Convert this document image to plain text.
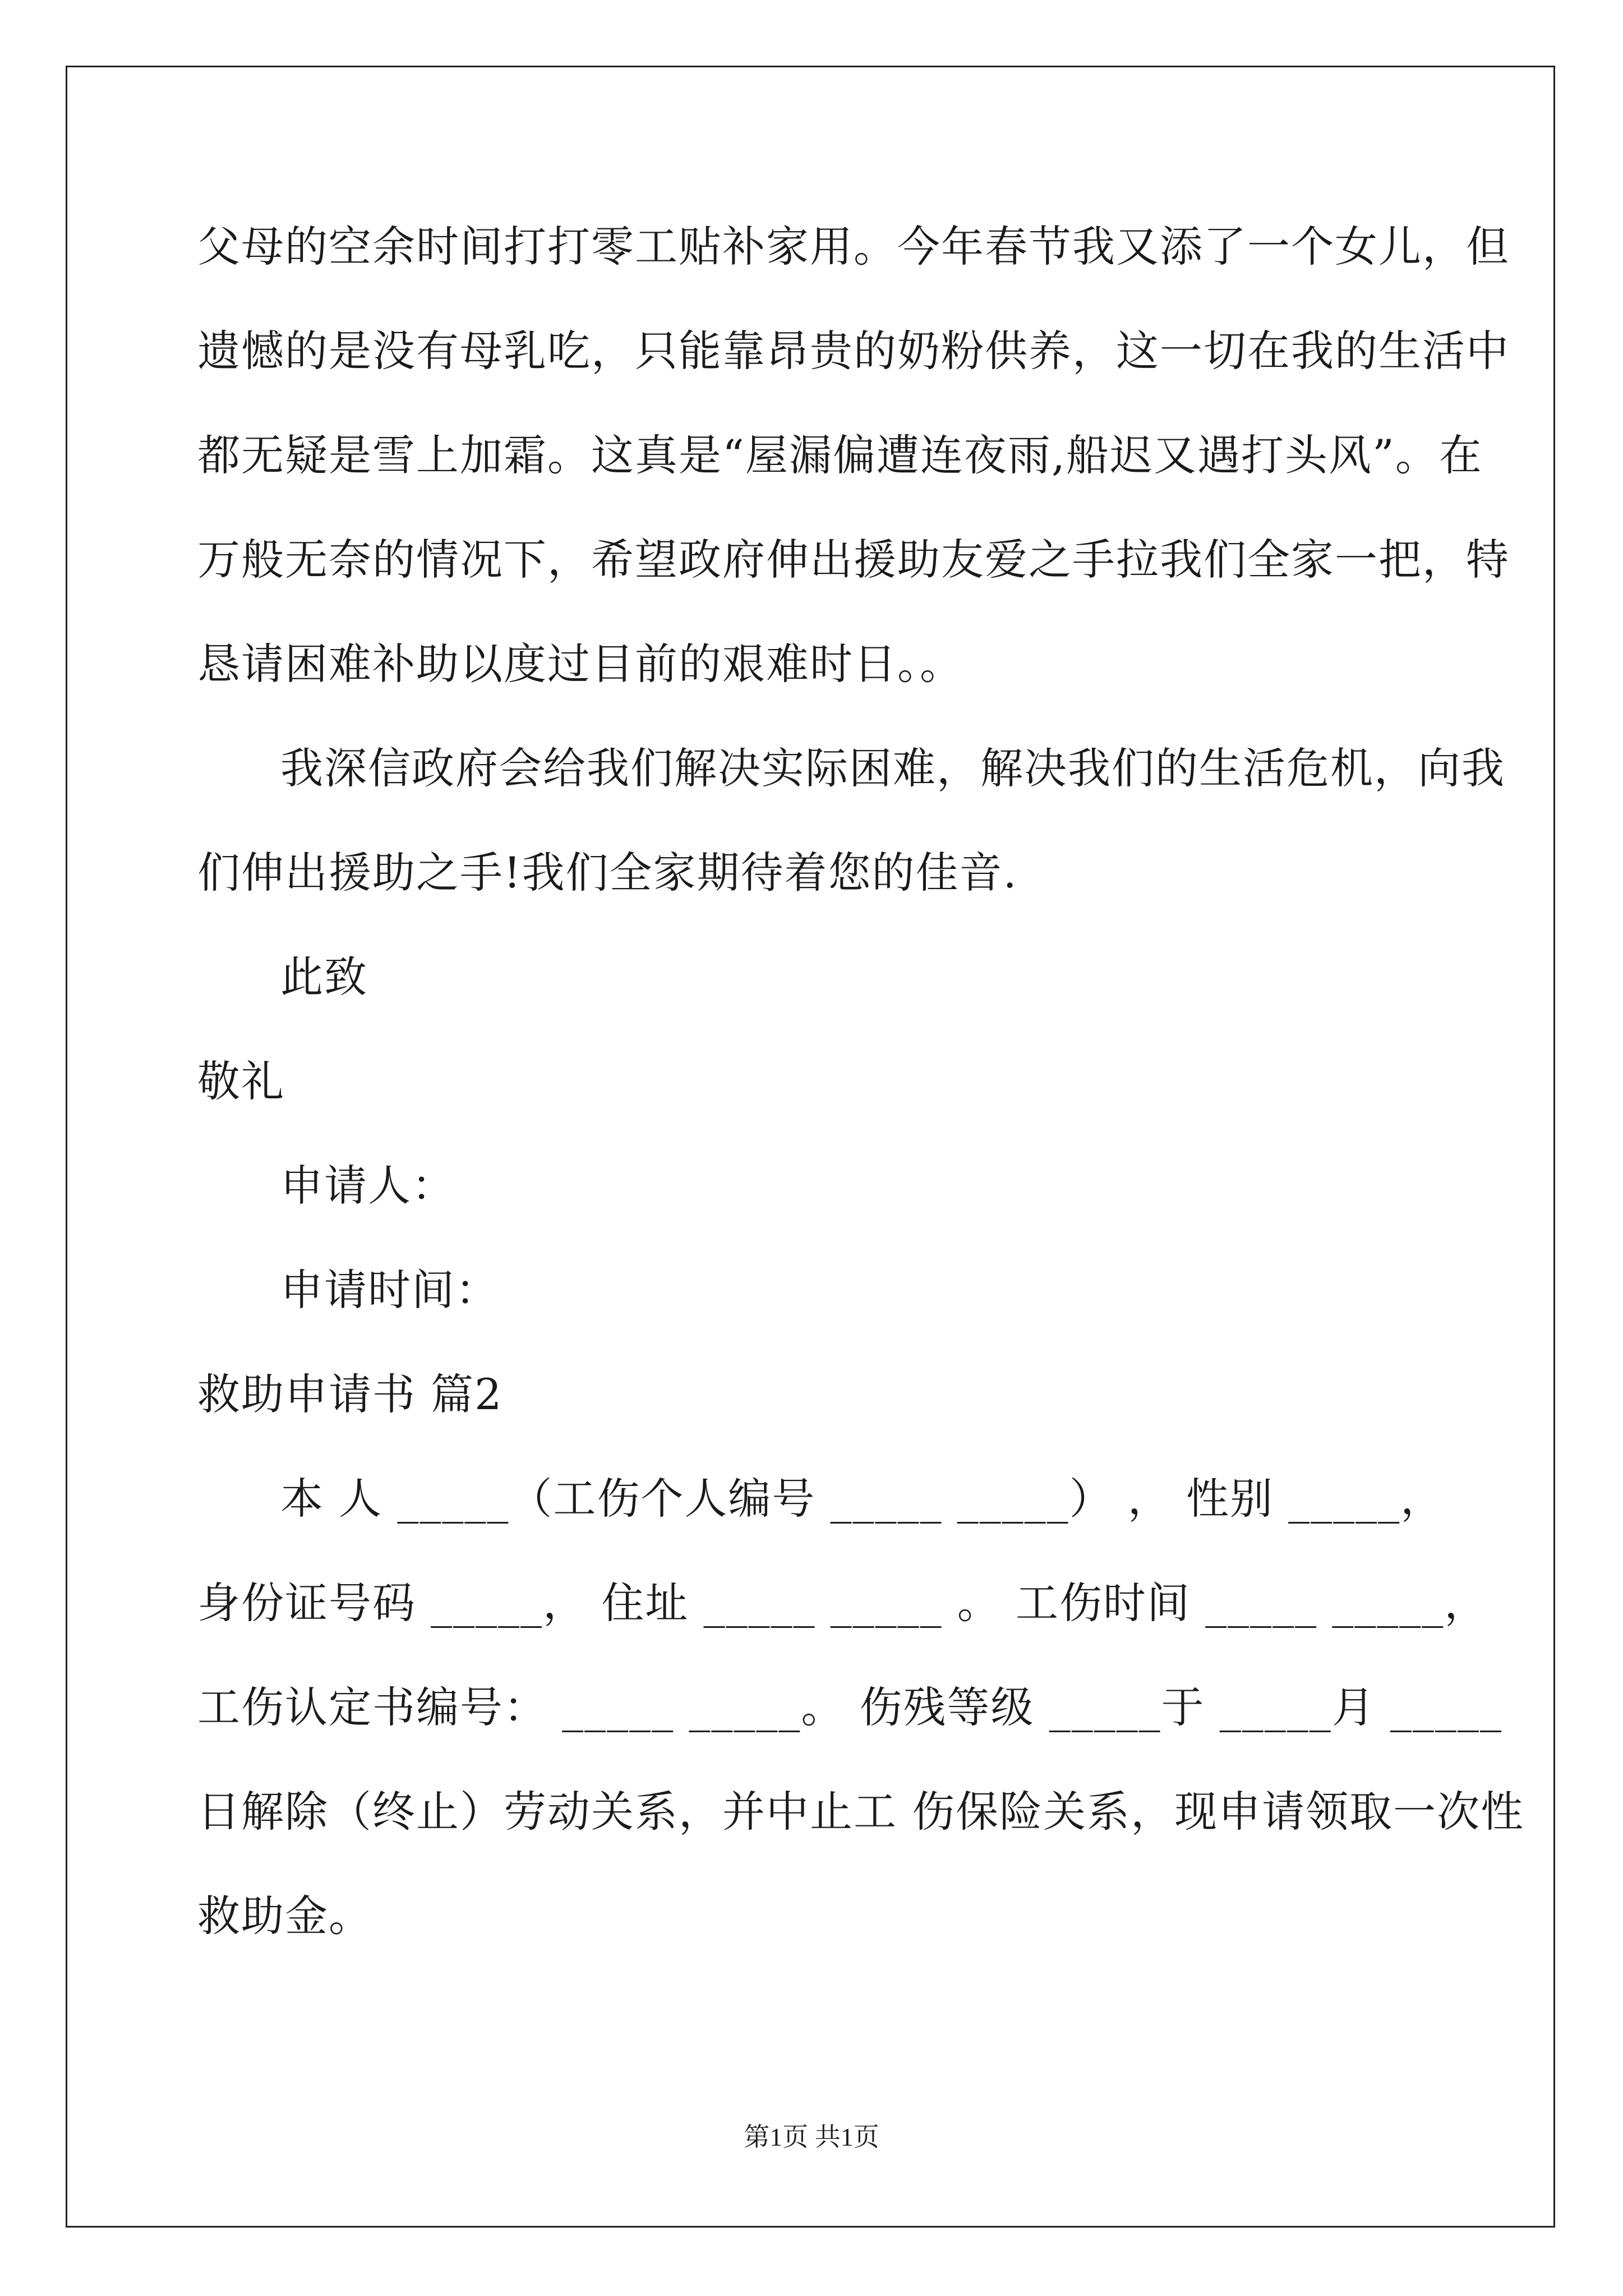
父母的空余时间打打零工贴补家用。今年春节我又添了一个女儿，但
遗憾的是没有母乳吃，只能靠昂贵的奶粉供养，这一切在我的生活中
都无疑是雪上加霜。这真是“屋漏偏遭连夜雨,船迟又遇打头风”。在
万般无奈的情况下，希望政府伸出援助友爱之手拉我们全家一把，特
恳请困难补助以度过目前的艰难时日。。
我深信政府会给我们解决实际困难，解决我们的生活危机，向我
们伸出援助之手!我们全家期待着您的佳音.
此致
敬礼
申请人：
申请时间：
救助申请书 篇2
本 人 _____（工伤个人编号 _____ _____） ， 性别 _____，
身份证号码 _____， 住址 _____ _____ 。 工伤时间 _____ _____，
工伤认定书编号： _____ _____。 伤残等级 _____于 _____月 _____
日解除（终止）劳动关系，并中止工 伤保险关系，现申请领取一次性
救助金。
第1页 共1页
